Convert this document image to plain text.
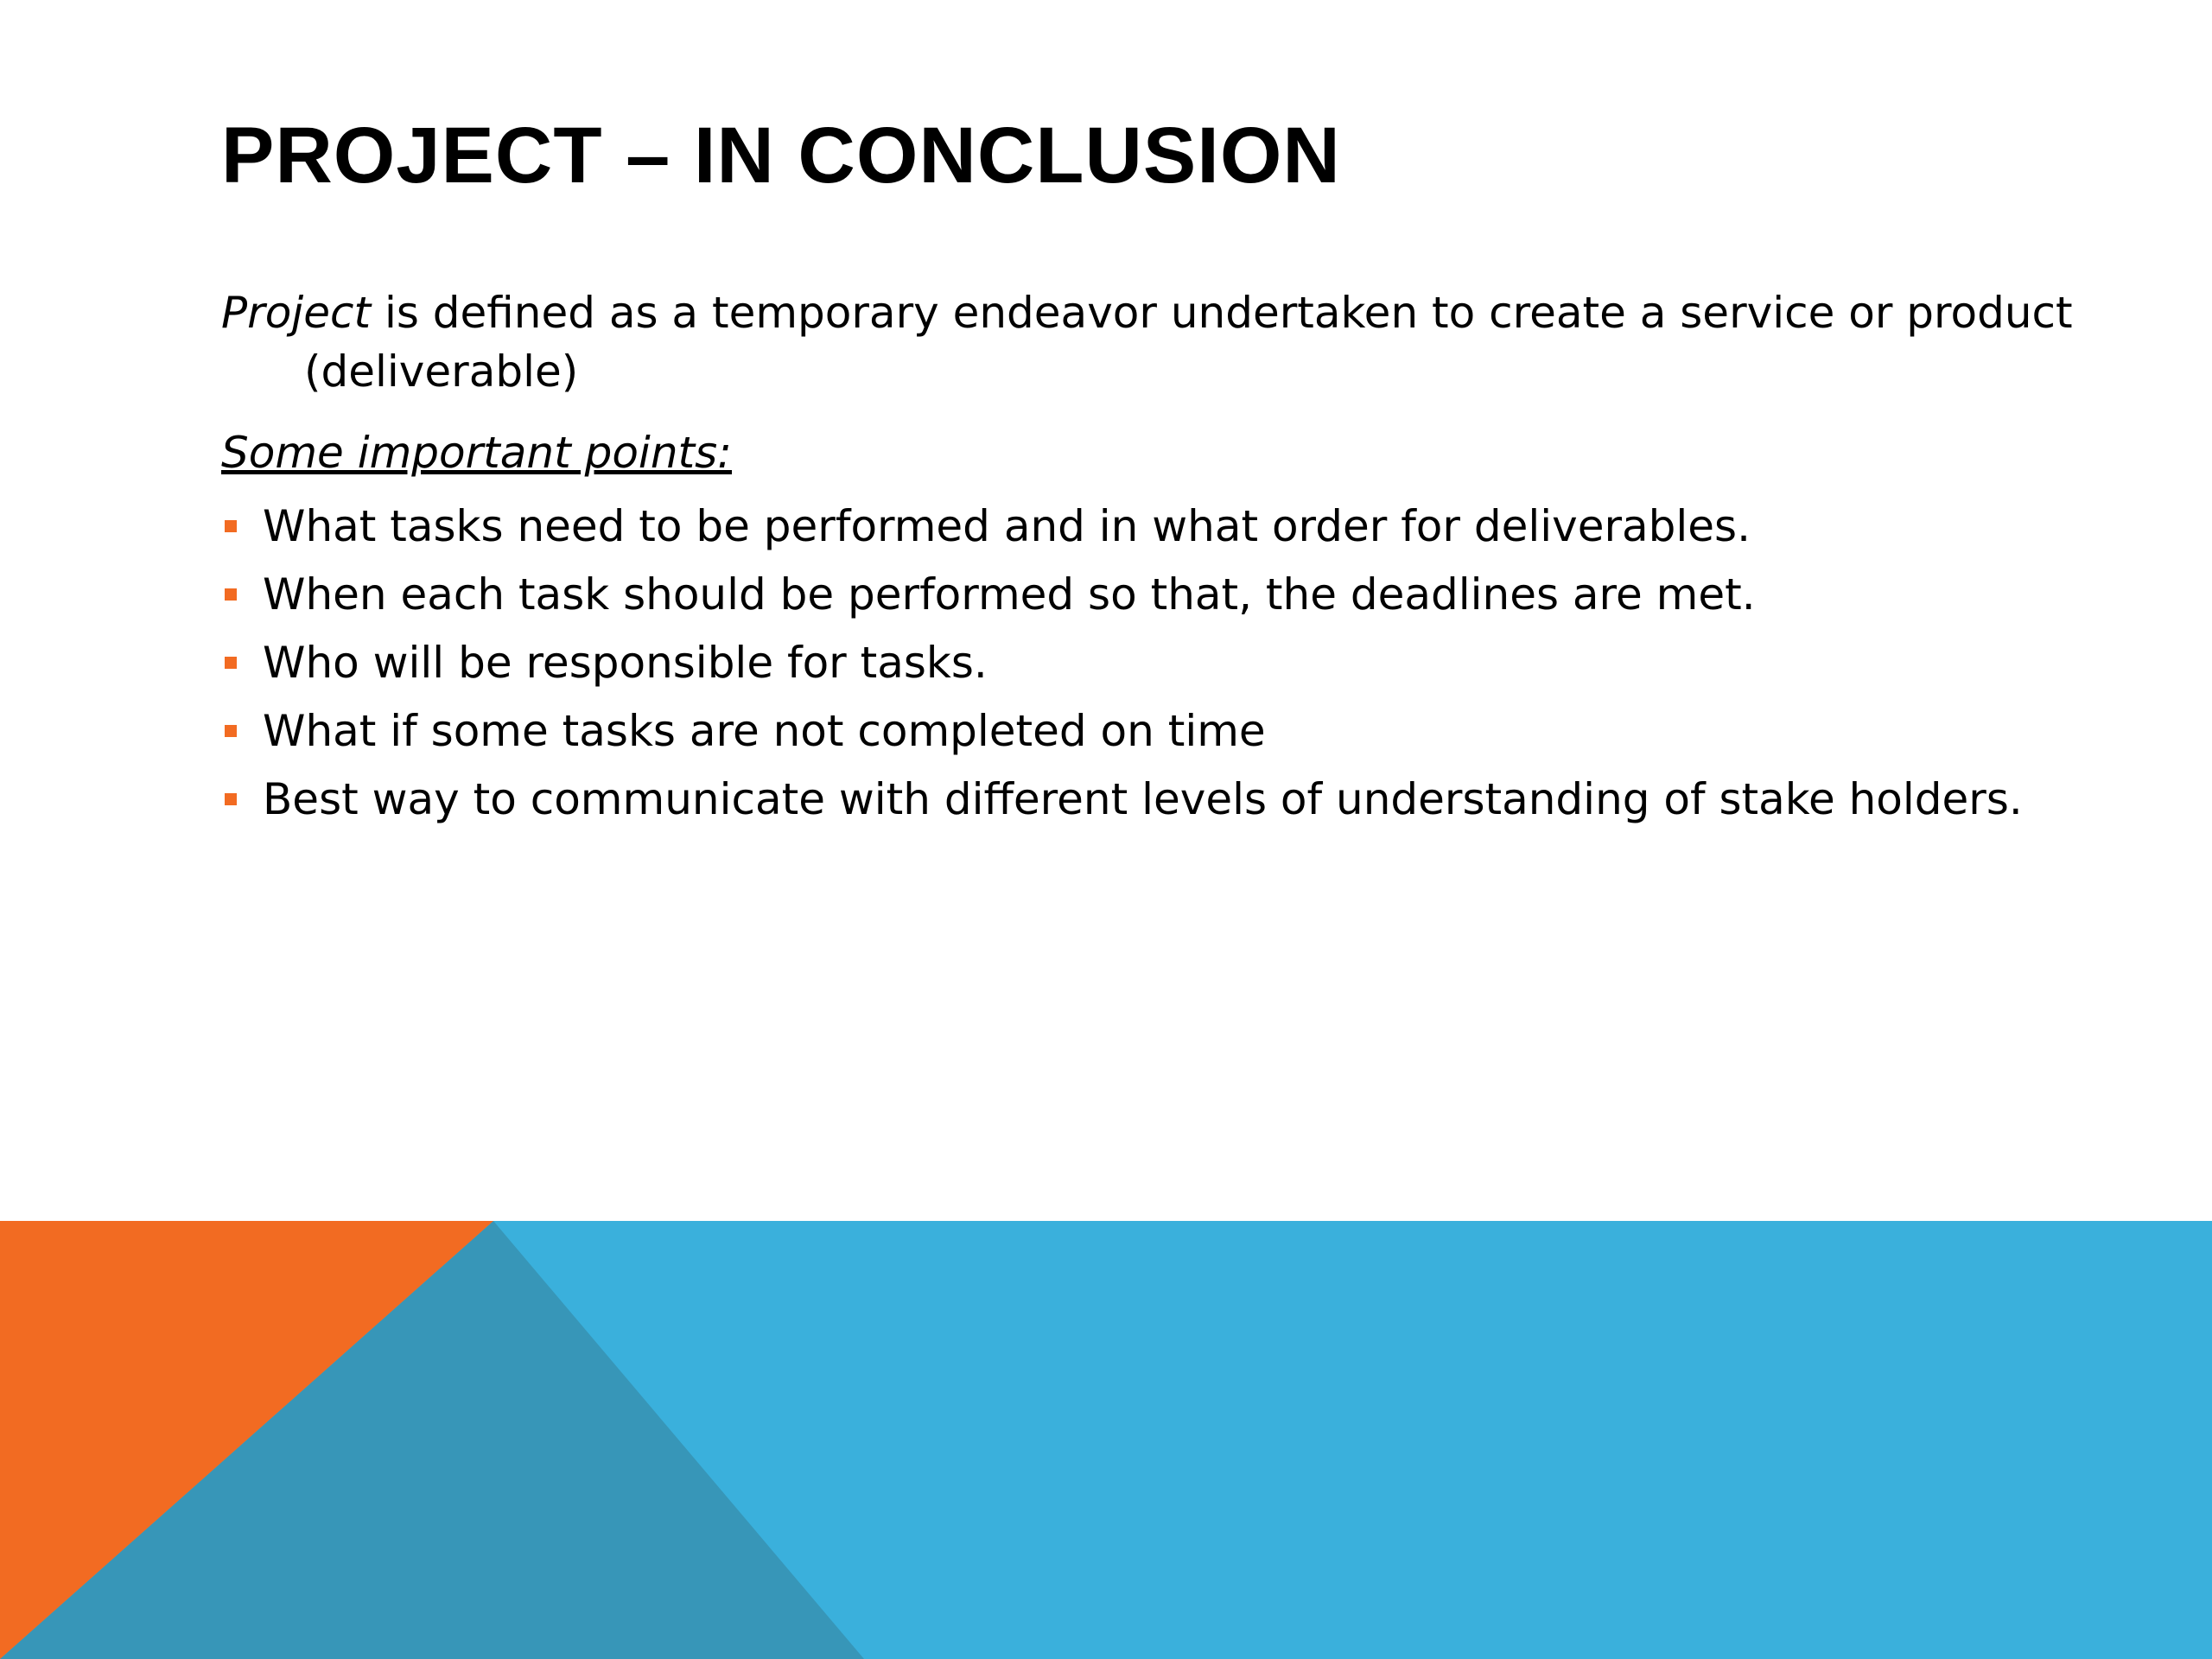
PROJECT – IN CONCLUSION

Project is defined as a temporary endeavor undertaken to create a service or product (deliverable)

Some important points:

What tasks need to be performed and in what order for deliverables.
When each task should be performed so that, the deadlines are met.
Who will be responsible for tasks.
What if some tasks are not completed on time
Best way to communicate with different levels of understanding of stake holders.
